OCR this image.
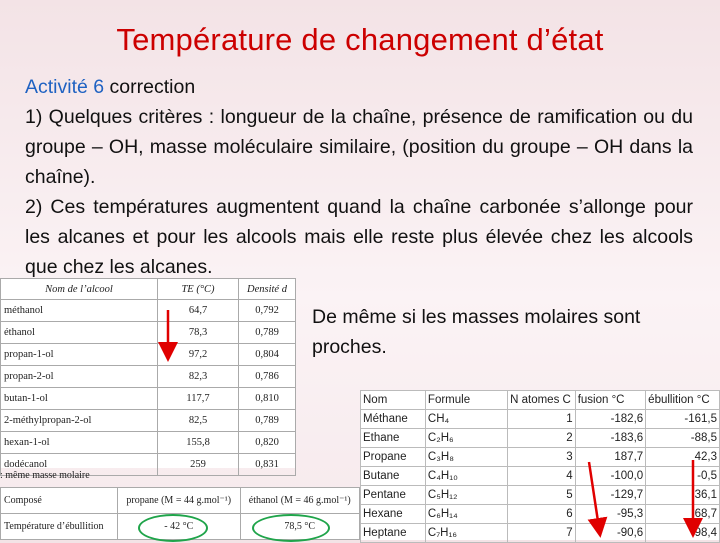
Température de changement d’état

Activité 6 correction

1) Quelques critères : longueur de la chaîne, présence de ramification ou du groupe – OH, masse moléculaire similaire, (position du groupe – OH dans la chaîne).

2) Ces températures augmentent quand la chaîne carbonée s’allonge pour les alcanes et pour les alcools mais elle reste plus élevée chez les alcools que chez les alcanes.

De même si les masses molaires sont proches.
Nom de l’alcool	TE (°C)	Densité d
méthanol	64,7	0,792
éthanol	78,3	0,789
propan-1-ol	97,2	0,804
propan-2-ol	82,3	0,786
butan-1-ol	117,7	0,810
2-méthylpropan-2-ol	82,5	0,789
hexan-1-ol	155,8	0,820
dodécanol	259	0,831
: même masse molaire
Composé	propane (M = 44 g.mol⁻¹)	éthanol (M = 46 g.mol⁻¹)
Température d’ébullition	- 42 °C	78,5 °C
Nom	Formule	N atomes C	fusion °C	ébullition °C
Méthane	CH₄	1	-182,6	-161,5
Ethane	C₂H₆	2	-183,6	-88,5
Propane	C₃H₈	3	187,7	42,3
Butane	C₄H₁₀	4	-100,0	-0,5
Pentane	C₅H₁₂	5	-129,7	36,1
Hexane	C₆H₁₄	6	-95,3	68,7
Heptane	C₇H₁₆	7	-90,6	98,4
